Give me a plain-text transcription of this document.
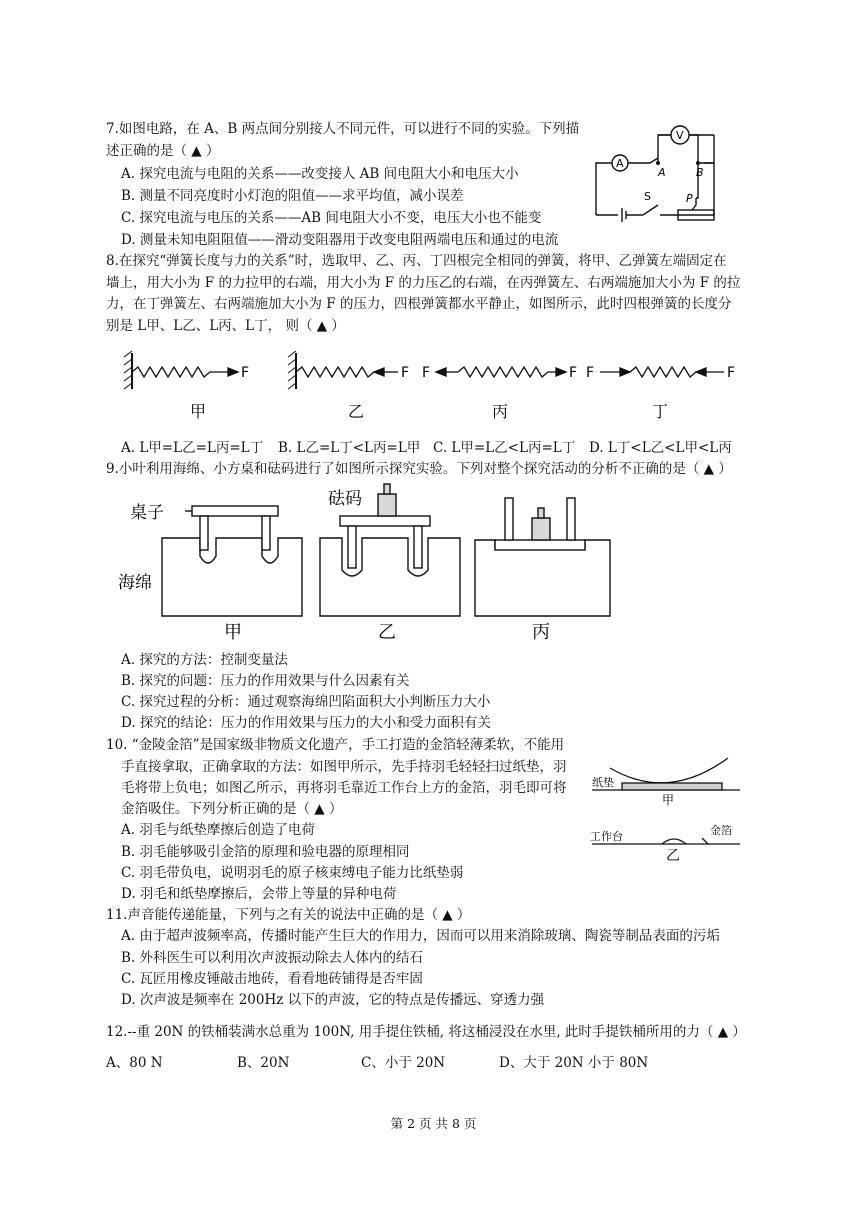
7.如图电路，在 A、B 两点间分别接人不同元件，可以进行不同的实验。下列描
述正确的是（ ▲ ）
A. 探究电流与电阻的关系——改变接人 AB 间电阻大小和电压大小
B. 测量不同亮度时小灯泡的阻值——求平均值，减小误差
C. 探究电流与电压的关系——AB 间电阻大小不变，电压大小也不能变
D. 测量未知电阻阻值——滑动变阻器用于改变电阻两端电压和通过的电流
A
V
A	B
S	P
8.在探究“弹簧长度与力的关系”时，选取甲、乙、丙、丁四根完全相同的弹簧，将甲、乙弹簧左端固定在
墙上，用大小为 F 的力拉甲的右端，用大小为 F 的力压乙的右端，在丙弹簧左、右两端施加大小为 F 的拉
力，在丁弹簧左、右两端施加大小为 F 的压力，四根弹簧都水平静止，如图所示，此时四根弹簧的长度分
别是 L甲、L乙、L丙、L丁， 则（ ▲ ）
F	F F	F F	F
甲	乙	丙	丁
A. L甲=L乙=L丙=L丁 B. L乙=L丁<L丙=L甲 C. L甲=L乙<L丙=L丁 D. L丁<L乙<L甲<L丙
9.小叶利用海绵、小方桌和砝码进行了如图所示探究实验。下列对整个探究活动的分析不正确的是（ ▲ ）
桌子
砝码
海绵
甲	乙	丙
A. 探究的方法：控制变量法
B. 探究的问题：压力的作用效果与什么因素有关
C. 探究过程的分析：通过观察海绵凹陷面积大小判断压力大小
D. 探究的结论：压力的作用效果与压力的大小和受力面积有关
10. “金陵金箔”是国家级非物质文化遗产，手工打造的金箔轻薄柔软，不能用
手直接拿取，正确拿取的方法：如图甲所示，先手持羽毛轻轻扫过纸垫，羽
毛将带上负电；如图乙所示，再将羽毛靠近工作台上方的金箔，羽毛即可将
金箔吸住。下列分析正确的是（ ▲ ）
A. 羽毛与纸垫摩擦后创造了电荷
B. 羽毛能够吸引金箔的原理和验电器的原理相同
C. 羽毛带负电，说明羽毛的原子核束缚电子能力比纸垫弱
D. 羽毛和纸垫摩擦后，会带上等量的异种电荷
纸垫
甲
工作台	金箔
乙
11.声音能传递能量，下列与之有关的说法中正确的是（ ▲ ）
A. 由于超声波频率高，传播时能产生巨大的作用力，因而可以用来消除玻璃、陶瓷等制品表面的污垢
B. 外科医生可以利用次声波振动除去人体内的结石
C. 瓦匠用橡皮锤敲击地砖，看看地砖铺得是否牢固
D. 次声波是频率在 200Hz 以下的声波，它的特点是传播远、穿透力强
12.--重 20N 的铁桶装满水总重为 100N, 用手提住铁桶, 将这桶浸没在水里, 此时手提铁桶所用的力（ ▲ ）
A、80 N	B、20N	C、小于 20N	D、大于 20N 小于 80N
第 2 页 共 8 页
